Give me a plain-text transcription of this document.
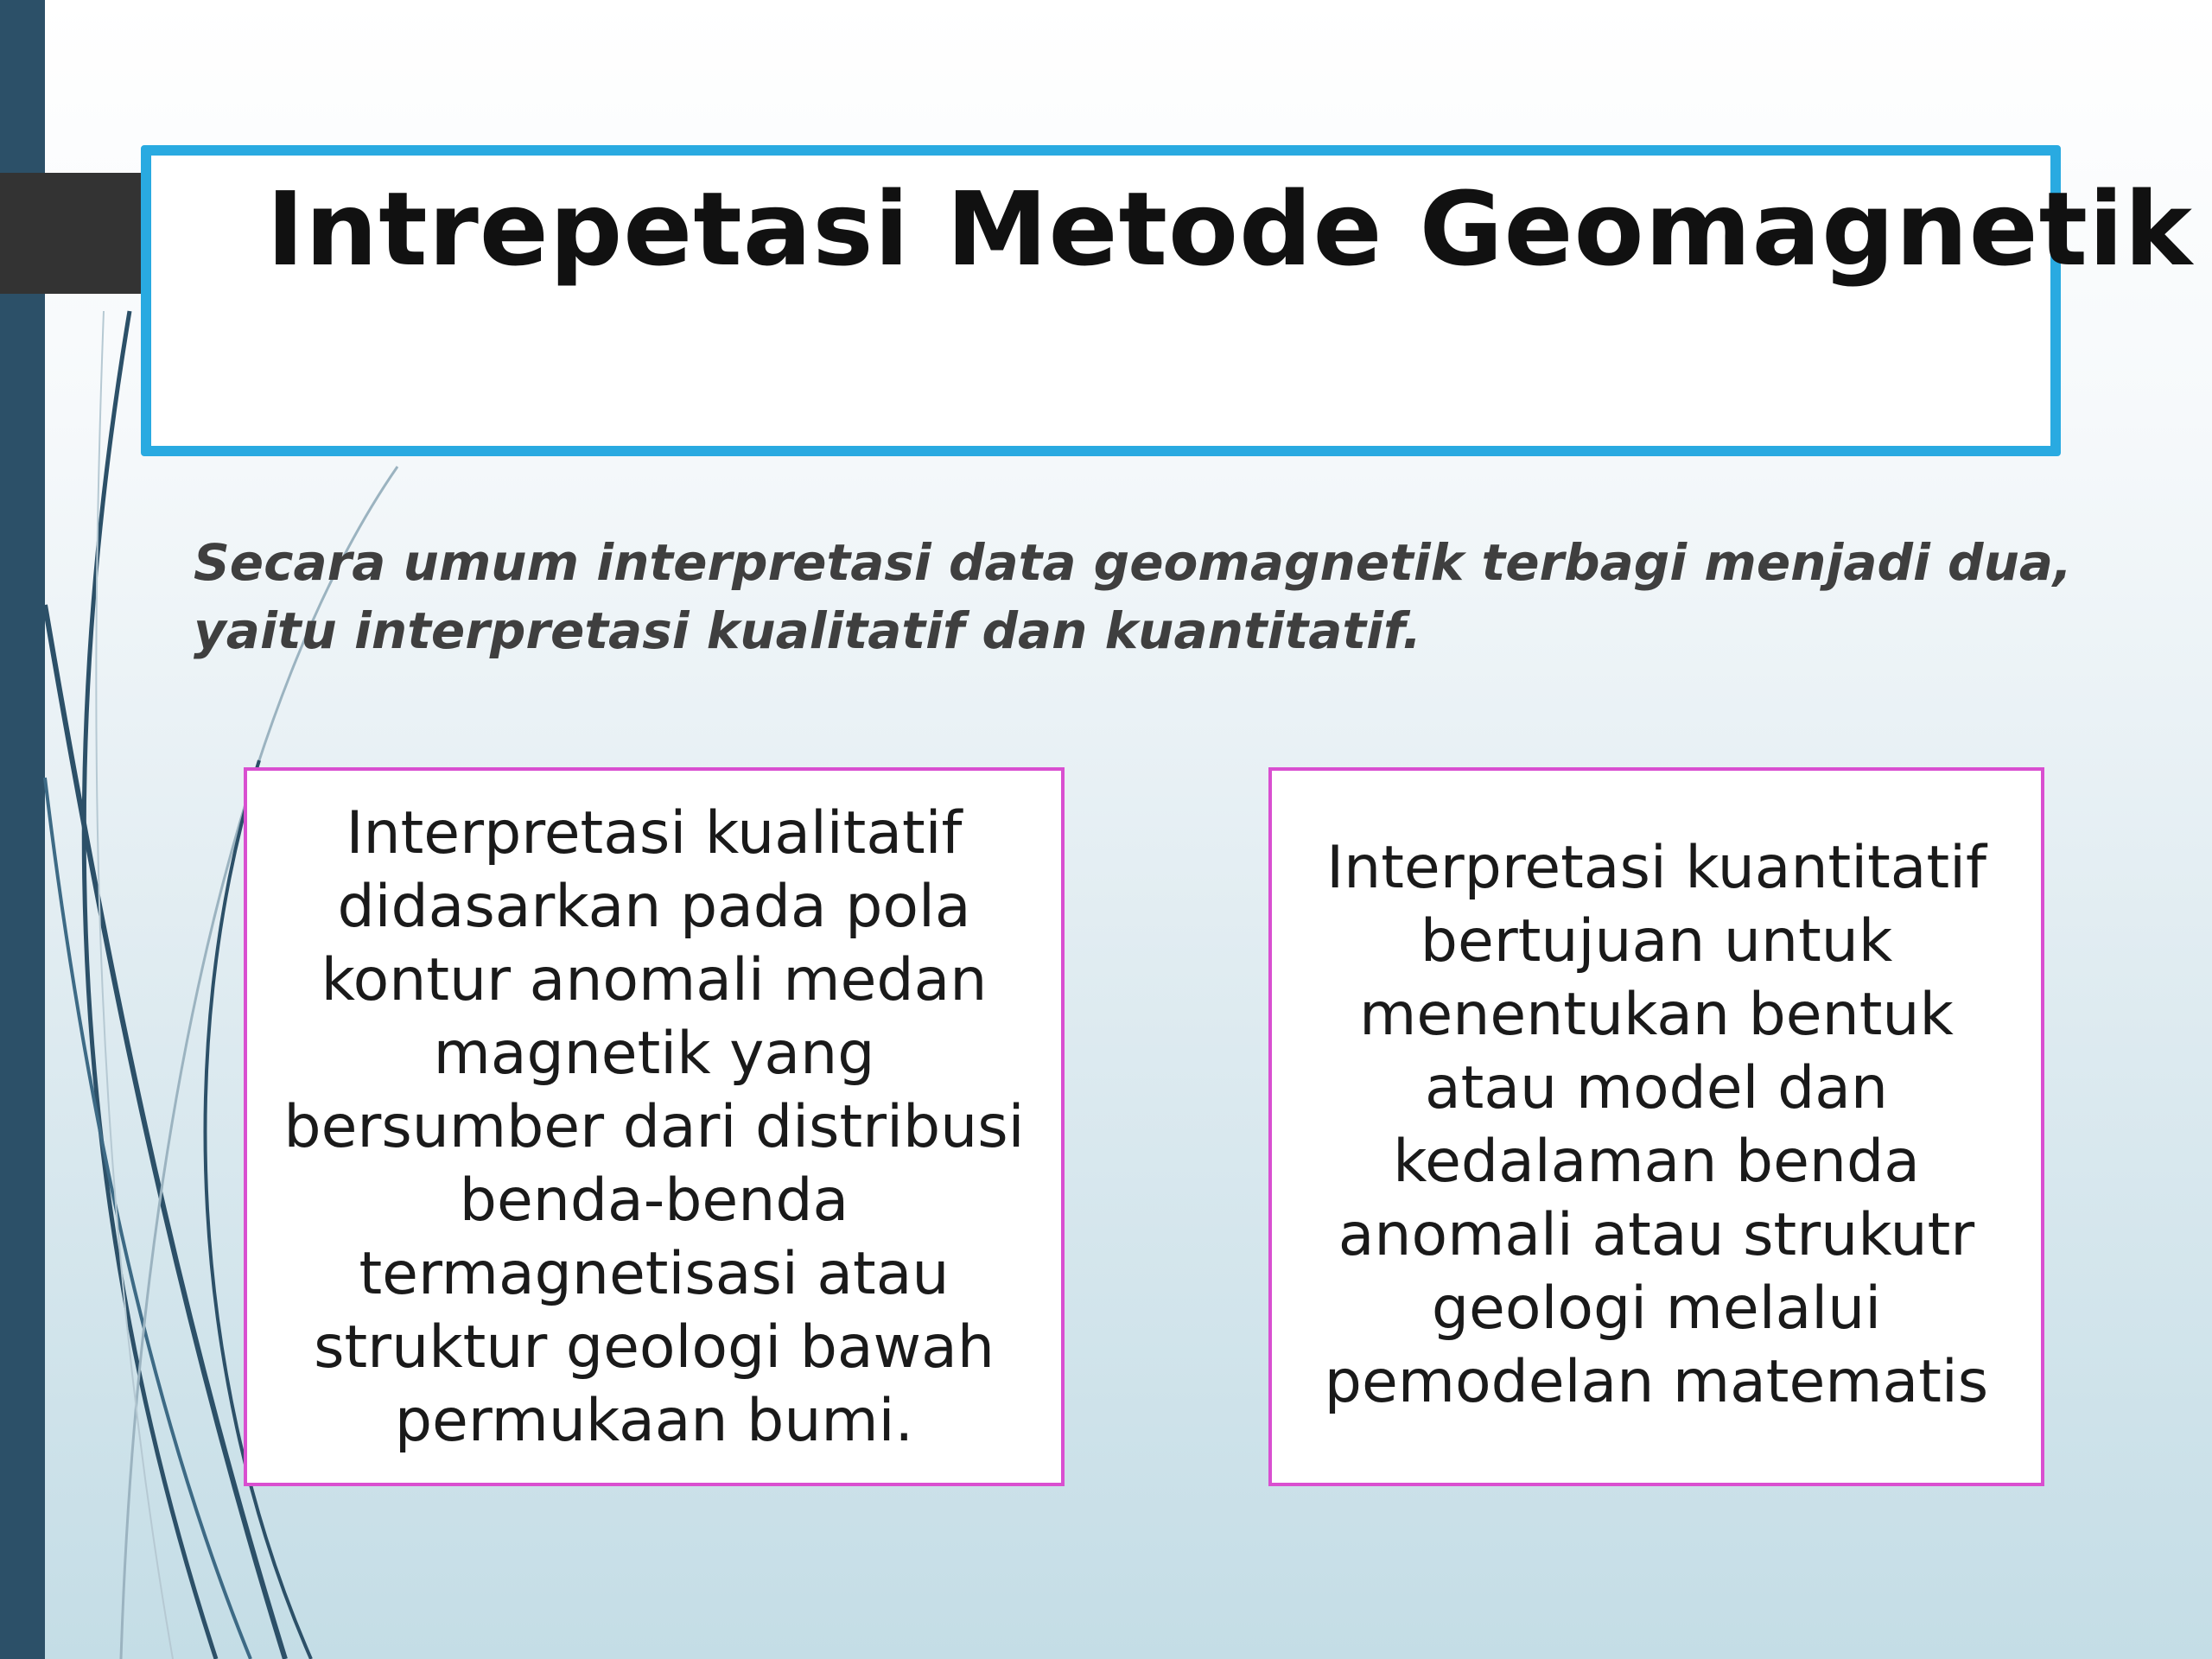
Intrepetasi Metode Geomagnetik

Secara umum interpretasi data geomagnetik terbagi menjadi dua, yaitu interpretasi kualitatif dan kuantitatif.

Interpretasi kualitatif didasarkan pada pola kontur anomali medan magnetik yang bersumber dari distribusi benda-benda termagnetisasi atau struktur geologi bawah permukaan bumi.

Interpretasi kuantitatif bertujuan untuk menentukan bentuk atau model dan kedalaman benda anomali atau strukutr geologi melalui pemodelan matematis
